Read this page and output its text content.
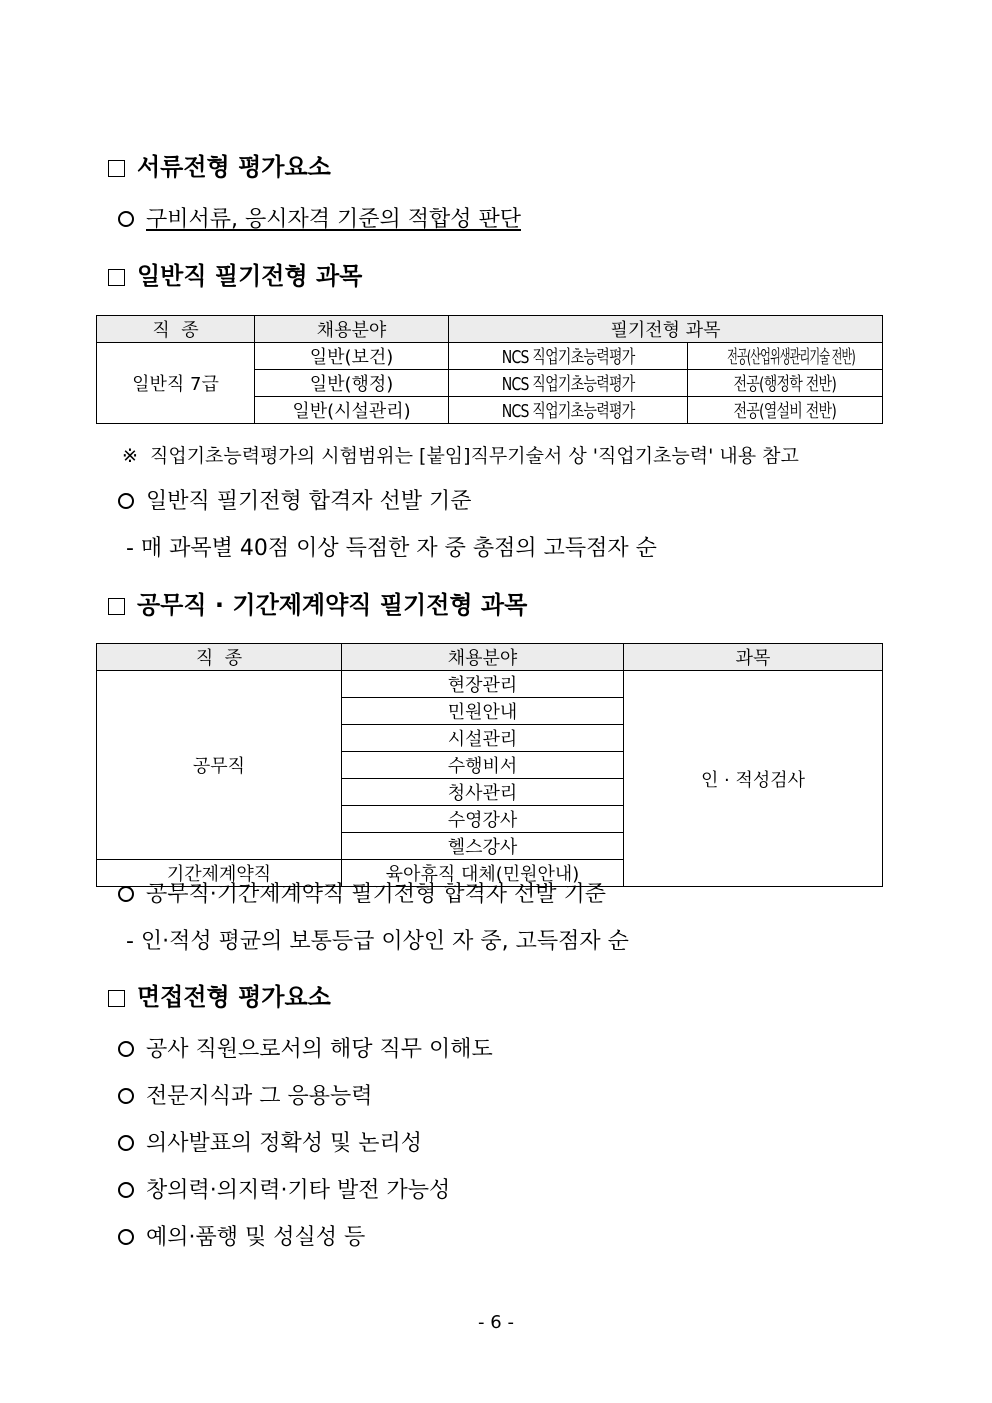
서류전형 평가요소
구비서류, 응시자격 기준의 적합성 판단
일반직 필기전형 과목
직  종	채용분야	필기전형 과목	
일반직 7급	일반(보건)	NCS 직업기초능력평가	전공(산업위생관리기술 전반)
	일반(행정)	NCS 직업기초능력평가	전공(행정학 전반)
	일반(시설관리)	NCS 직업기초능력평가	전공(열설비 전반)
※  직업기초능력평가의 시험범위는 [붙임]직무기술서 상 '직업기초능력' 내용 참고
일반직 필기전형 합격자 선발 기준
- 매 과목별 40점 이상 득점한 자 중 총점의 고득점자 순
공무직 · 기간제계약직 필기전형 과목
직  종	채용분야	과목
공무직	현장관리	인 · 적성검사
	민원안내	
	시설관리	
	수행비서	
	청사관리	
	수영강사	
	헬스강사	
기간제계약직	육아휴직 대체(민원안내)	
공무직·기간제계약직 필기전형 합격자 선발 기준
- 인·적성 평균의 보통등급 이상인 자 중, 고득점자 순
면접전형 평가요소
공사 직원으로서의 해당 직무 이해도
전문지식과 그 응용능력
의사발표의 정확성 및 논리성
창의력·의지력·기타 발전 가능성
예의·품행 및 성실성 등
- 6 -
